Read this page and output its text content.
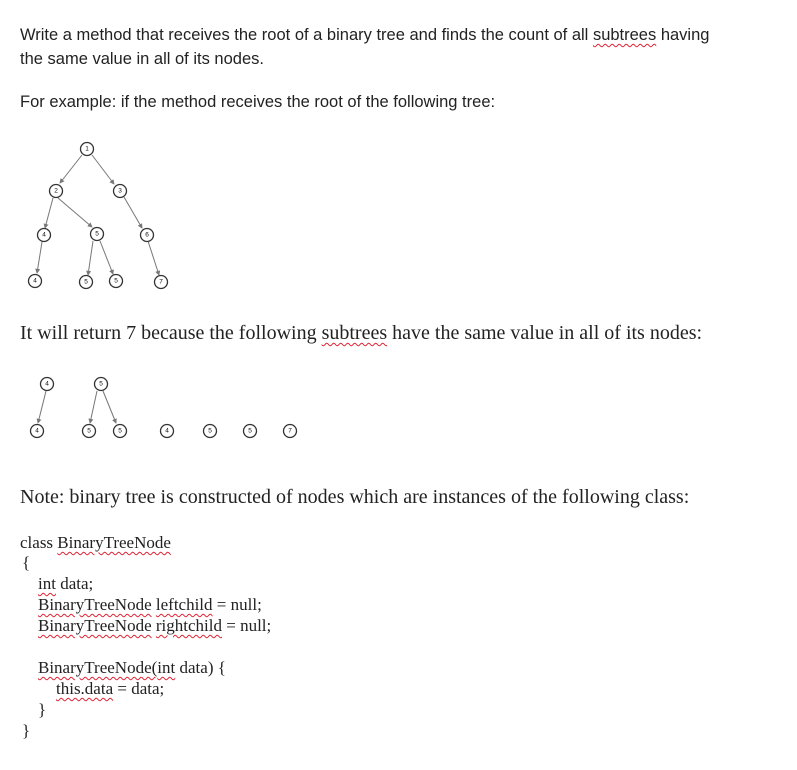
Write a method that receives the root of a binary tree and finds the count of all subtrees having

the same value in all of its nodes.

For example: if the method receives the root of the following tree:

1
2	3
4	5	6
4	5	5	7

It will return 7 because the following subtrees have the same value in all of its nodes:

4
4
5
5	5	4	5	5	7

Note: binary tree is constructed of nodes which are instances of the following class:

class BinaryTreeNode

{

int data;

BinaryTreeNode leftchild = null;

BinaryTreeNode rightchild = null;

BinaryTreeNode(int data) {

this.data = data;

}

}
